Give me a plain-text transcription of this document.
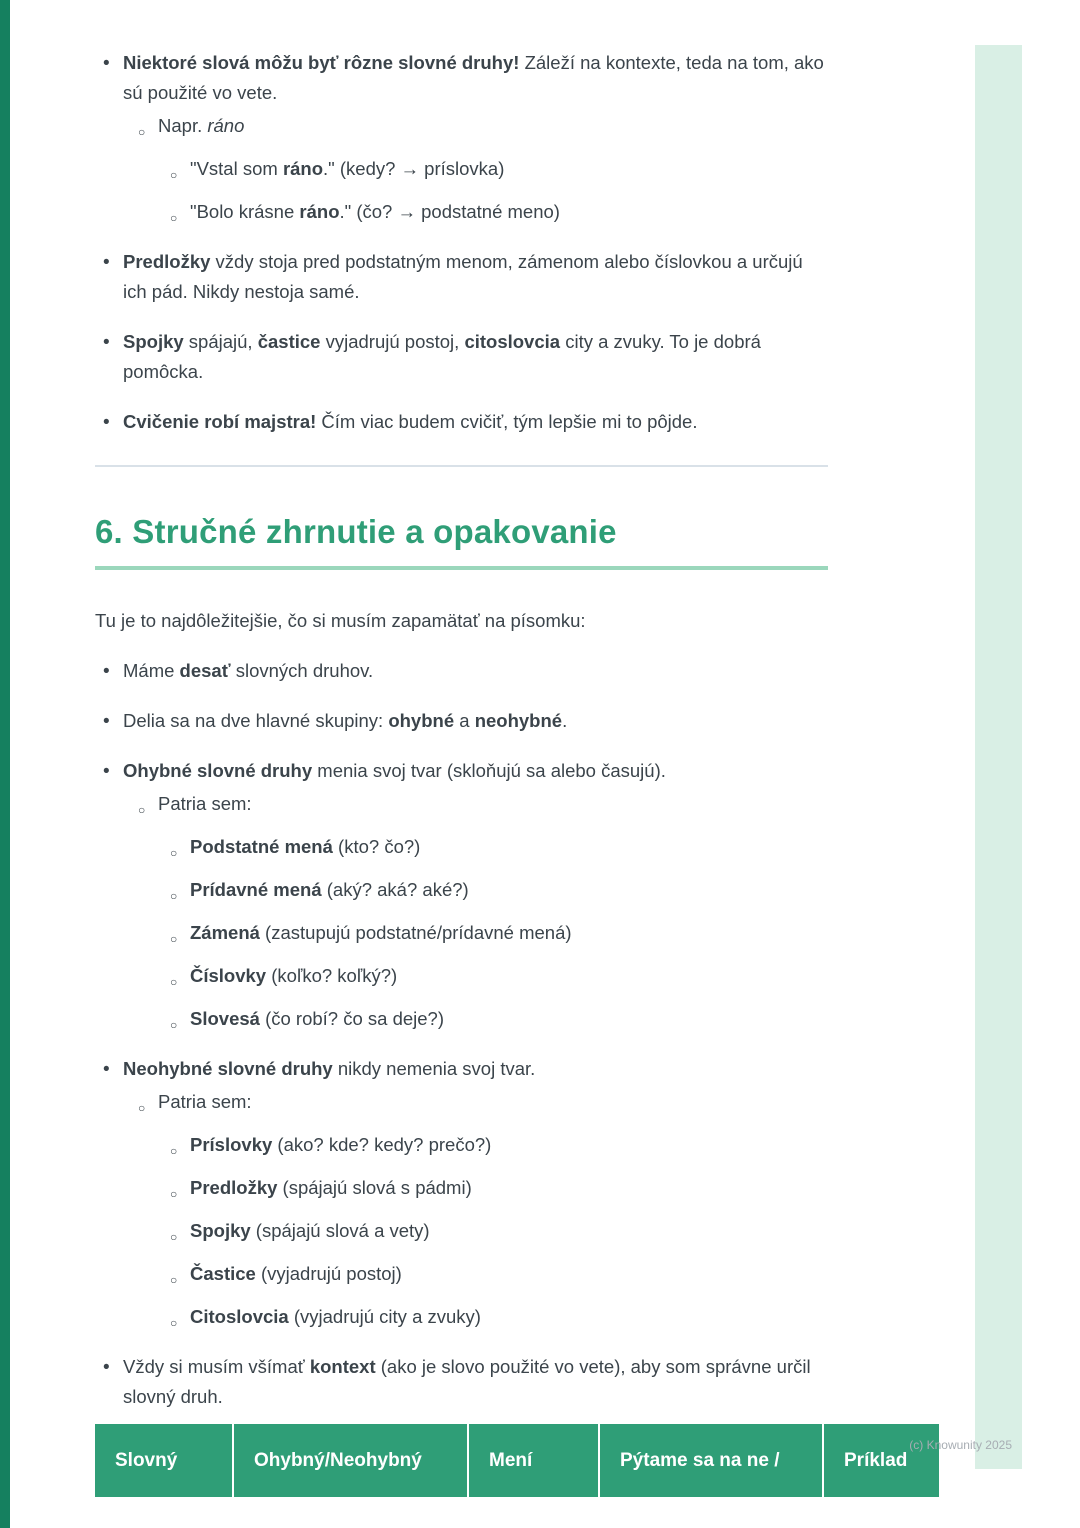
• Niektoré slová môžu byť rôzne slovné druhy! Záleží na kontexte, teda na tom, ako sú použité vo vete.
○ Napr. ráno
○ "Vstal som ráno." (kedy? → príslovka)
○ "Bolo krásne ráno." (čo? → podstatné meno)
• Predložky vždy stoja pred podstatným menom, zámenom alebo číslovkou a určujú ich pád. Nikdy nestoja samé.
• Spojky spájajú, častice vyjadrujú postoj, citoslovcia city a zvuky. To je dobrá pomôcka.
• Cvičenie robí majstra! Čím viac budem cvičiť, tým lepšie mi to pôjde.
6. Stručné zhrnutie a opakovanie

Tu je to najdôležitejšie, čo si musím zapamätať na písomku:

• Máme desať slovných druhov.
• Delia sa na dve hlavné skupiny: ohybné a neohybné.
• Ohybné slovné druhy menia svoj tvar (skloňujú sa alebo časujú).
○ Patria sem:
○ Podstatné mená (kto? čo?)
○ Prídavné mená (aký? aká? aké?)
○ Zámená (zastupujú podstatné/prídavné mená)
○ Číslovky (koľko? koľký?)
○ Slovesá (čo robí? čo sa deje?)
• Neohybné slovné druhy nikdy nemenia svoj tvar.
○ Patria sem:
○ Príslovky (ako? kde? kedy? prečo?)
○ Predložky (spájajú slová s pádmi)
○ Spojky (spájajú slová a vety)
○ Častice (vyjadrujú postoj)
○ Citoslovcia (vyjadrujú city a zvuky)
• Vždy si musím všímať kontext (ako je slovo použité vo vete), aby som správne určil slovný druh.
Slovný	Ohybný/Neohybný	Mení	Pýtame sa na ne /	Príklad
(c) Knowunity 2025
